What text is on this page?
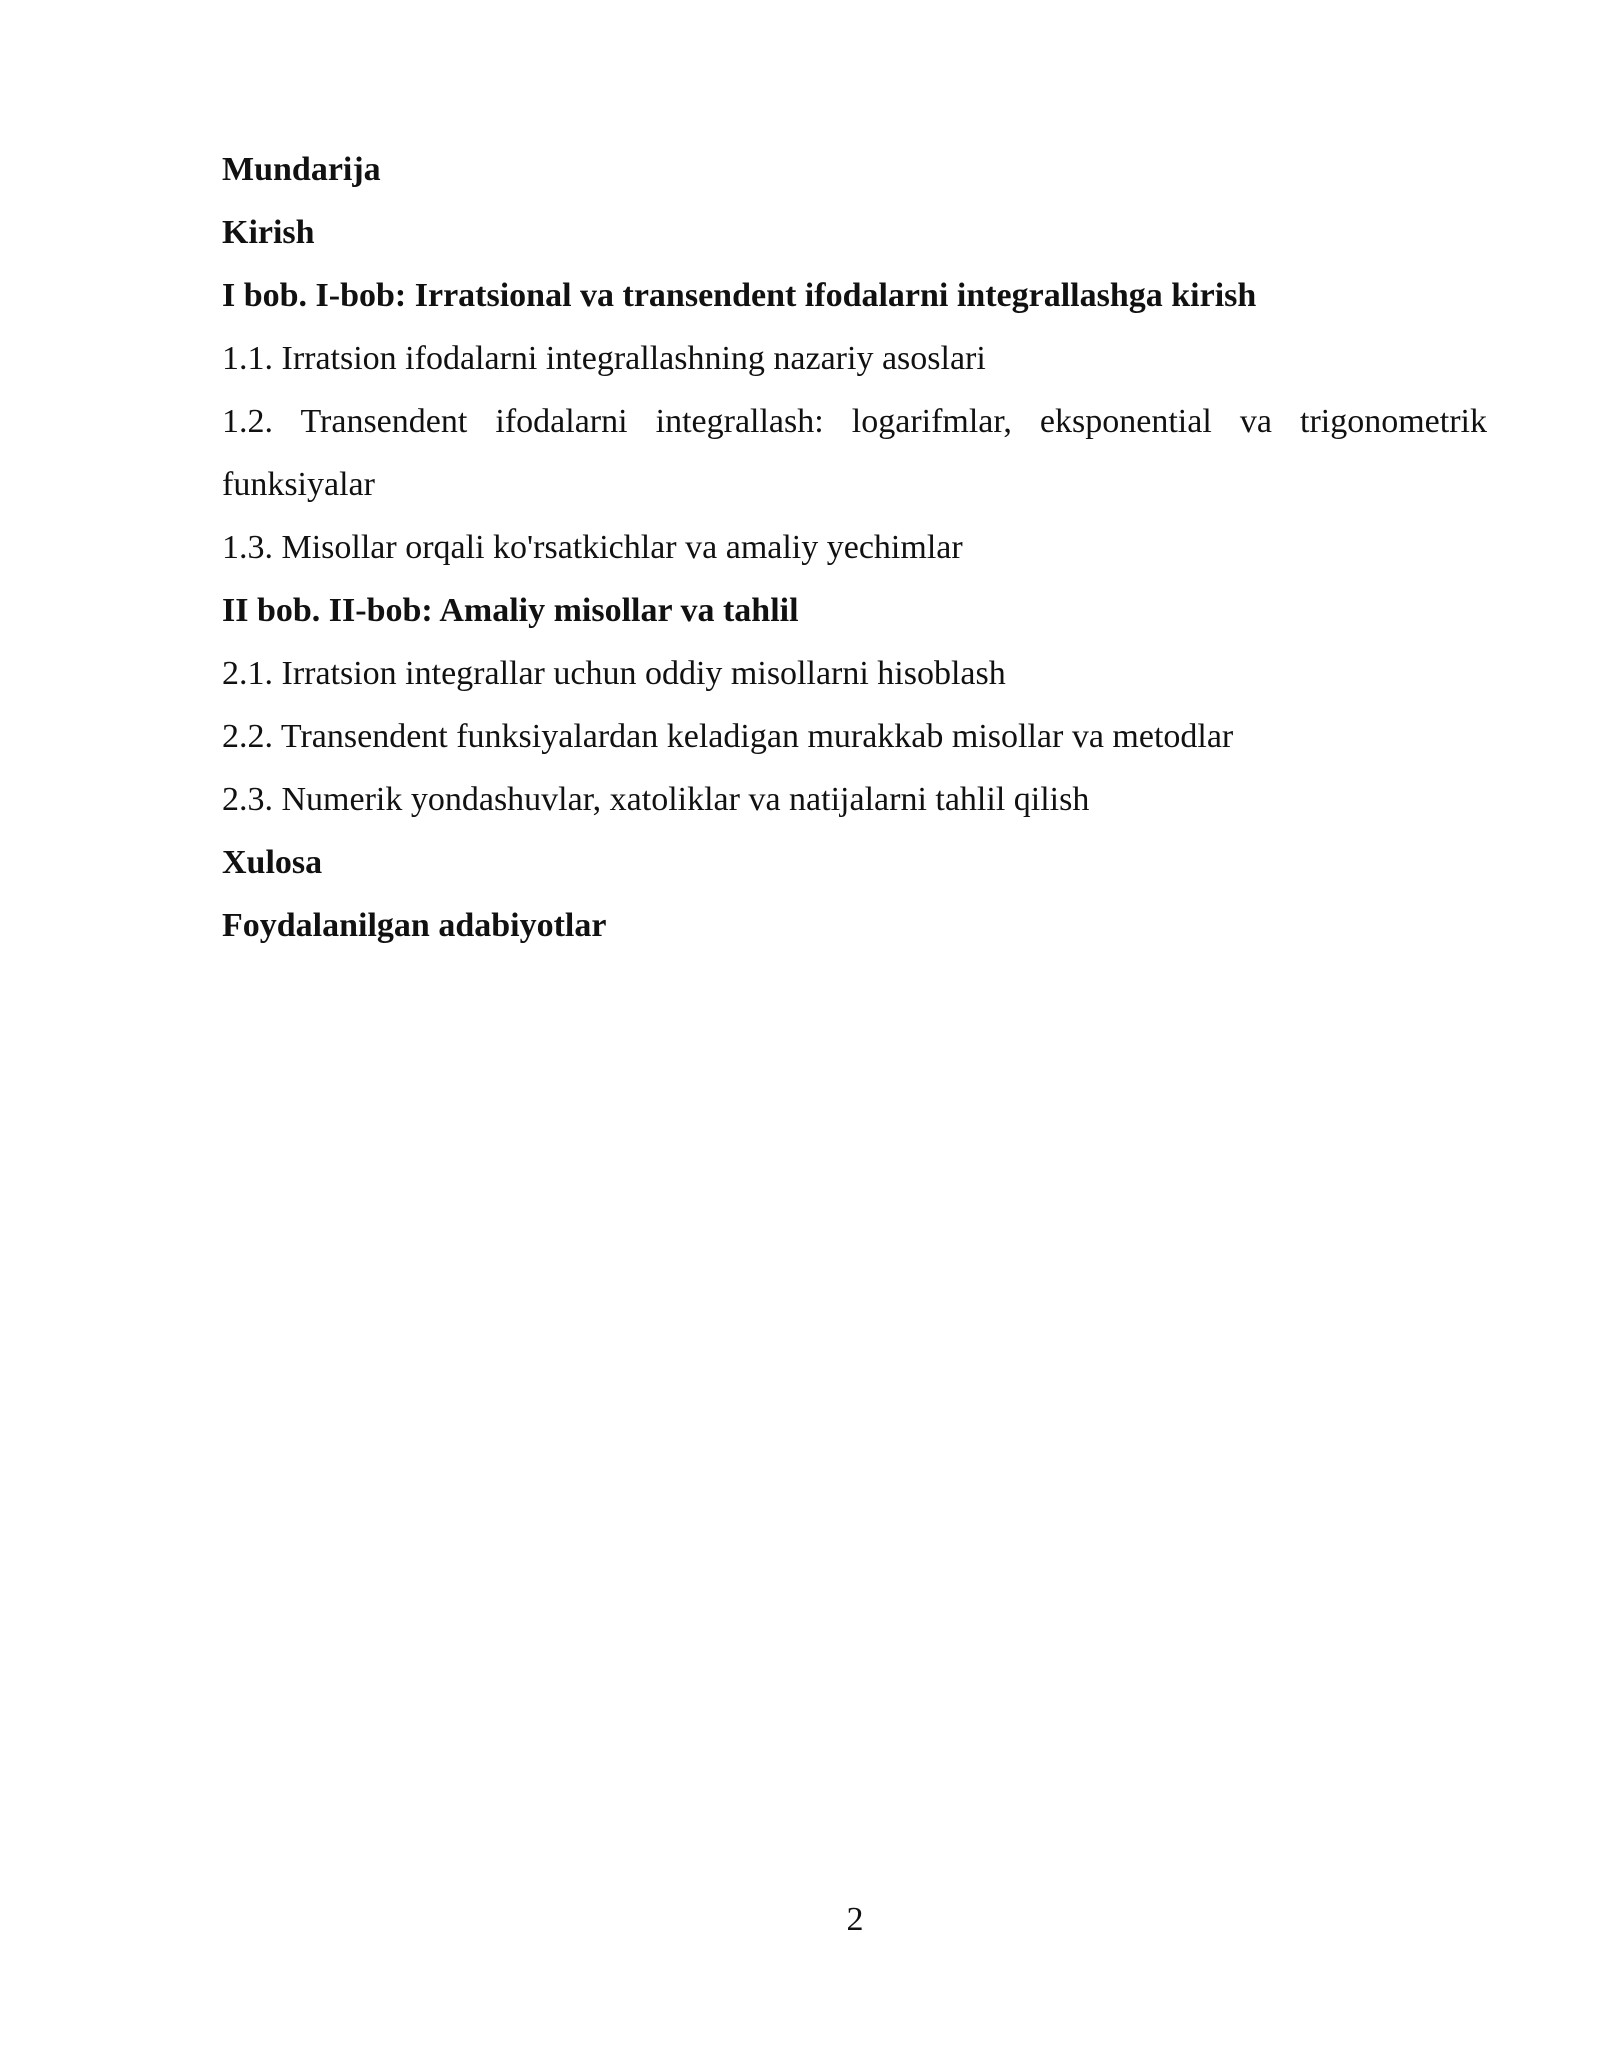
Mundarija

Kirish

I bob. I-bob: Irratsional va transendent ifodalarni integrallashga kirish

1.1. Irratsion ifodalarni integrallashning nazariy asoslari

1.2. Transendent ifodalarni integrallash: logarifmlar, eksponential va trigonometrik funksiyalar

1.3. Misollar orqali ko'rsatkichlar va amaliy yechimlar

II bob. II-bob: Amaliy misollar va tahlil

2.1. Irratsion integrallar uchun oddiy misollarni hisoblash

2.2. Transendent funksiyalardan keladigan murakkab misollar va metodlar

2.3. Numerik yondashuvlar, xatoliklar va natijalarni tahlil qilish

Xulosa

Foydalanilgan adabiyotlar

2
